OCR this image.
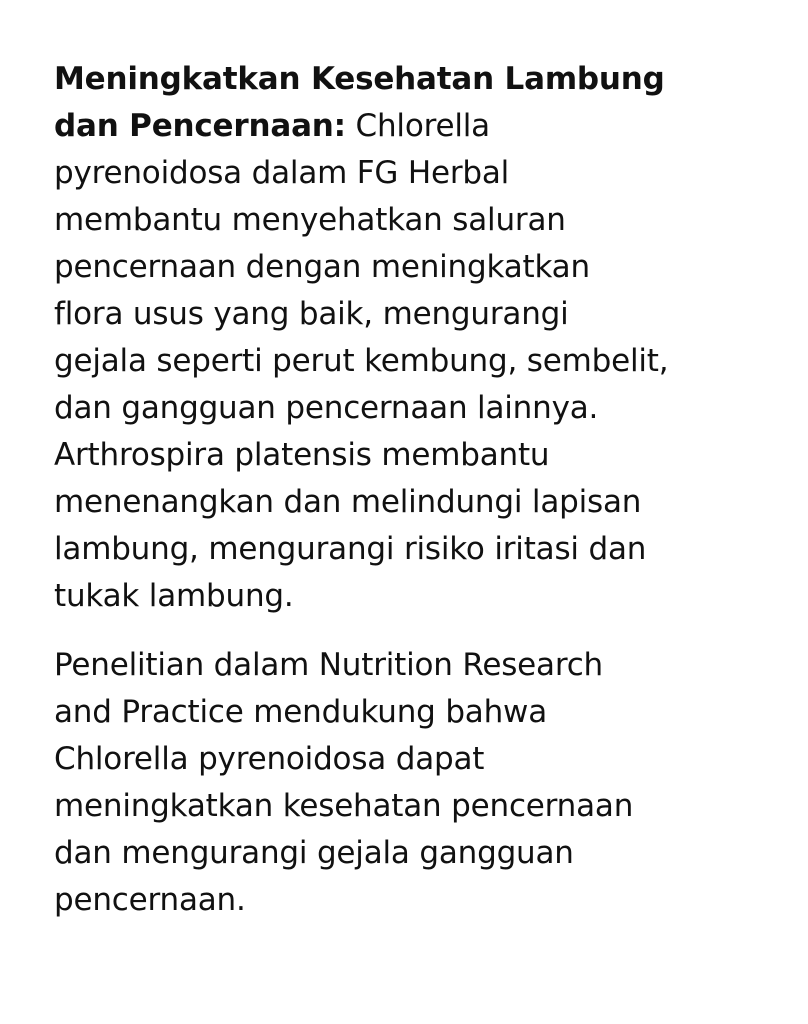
Meningkatkan Kesehatan Lambung
dan Pencernaan: Chlorella
pyrenoidosa dalam FG Herbal
membantu menyehatkan saluran
pencernaan dengan meningkatkan
flora usus yang baik, mengurangi
gejala seperti perut kembung, sembelit,
dan gangguan pencernaan lainnya.
Arthrospira platensis membantu
menenangkan dan melindungi lapisan
lambung, mengurangi risiko iritasi dan
tukak lambung.

Penelitian dalam Nutrition Research
and Practice mendukung bahwa
Chlorella pyrenoidosa dapat
meningkatkan kesehatan pencernaan
dan mengurangi gejala gangguan
pencernaan.
